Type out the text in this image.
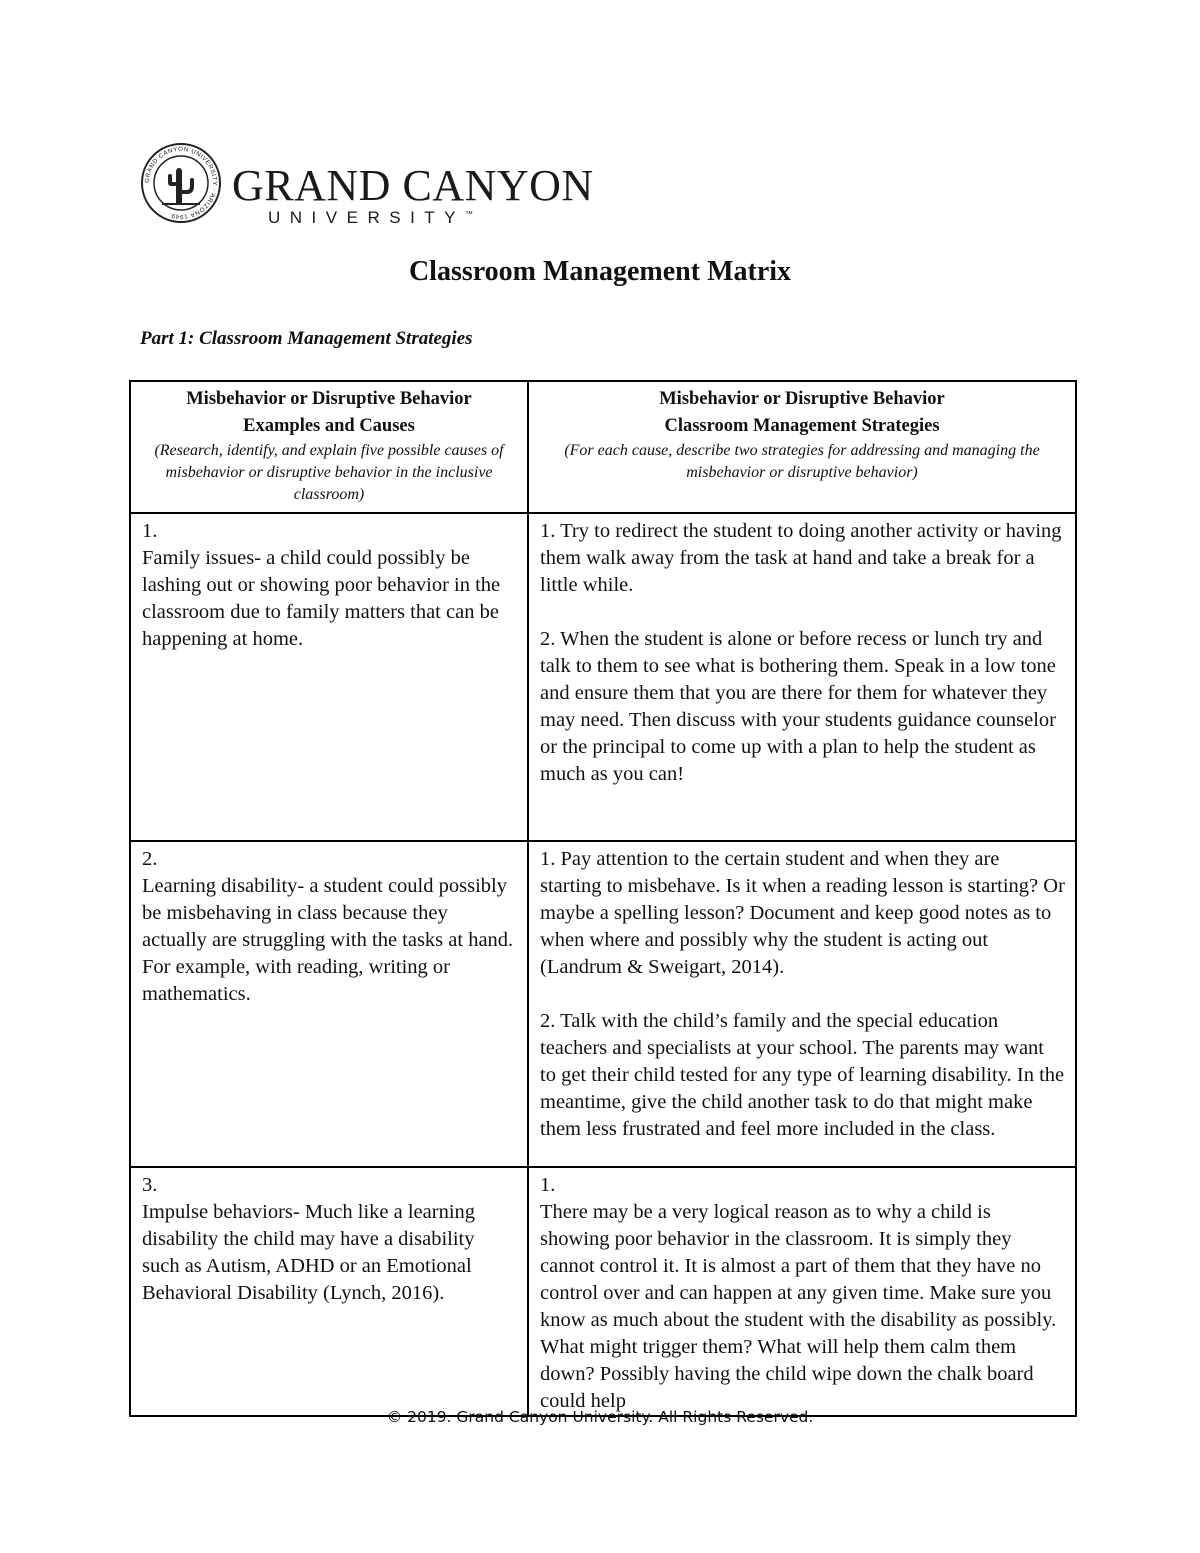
GRAND CANYON UNIVERSITY · ARIZONA 1949
GRAND CANYON
UNIVERSITY™
Classroom Management Matrix
Part 1: Classroom Management Strategies
Misbehavior or Disruptive Behavior
Examples and Causes
(Research, identify, and explain five possible causes of misbehavior or disruptive behavior in the inclusive classroom)	Misbehavior or Disruptive Behavior
Classroom Management Strategies
(For each cause, describe two strategies for addressing and managing the misbehavior or disruptive behavior)

1.
Family issues- a child could possibly be lashing out or showing poor behavior in the classroom due to family matters that can be happening at home.	1. Try to redirect the student to doing another activity or having them walk away from the task at hand and take a break for a little while.
2. When the student is alone or before recess or lunch try and talk to them to see what is bothering them. Speak in a low tone and ensure them that you are there for them for whatever they may need. Then discuss with your students guidance counselor or the principal to come up with a plan to help the student as much as you can!

2.
Learning disability- a student could possibly be misbehaving in class because they actually are struggling with the tasks at hand. For example, with reading, writing or mathematics.	1. Pay attention to the certain student and when they are starting to misbehave. Is it when a reading lesson is starting? Or maybe a spelling lesson? Document and keep good notes as to when where and possibly why the student is acting out (Landrum & Sweigart, 2014).
2. Talk with the child’s family and the special education teachers and specialists at your school. The parents may want to get their child tested for any type of learning disability. In the meantime, give the child another task to do that might make them less frustrated and feel more included in the class.

3.
Impulse behaviors- Much like a learning disability the child may have a disability such as Autism, ADHD or an Emotional Behavioral Disability (Lynch, 2016).	1.
There may be a very logical reason as to why a child is showing poor behavior in the classroom. It is simply they cannot control it. It is almost a part of them that they have no control over and can happen at any given time. Make sure you know as much about the student with the disability as possibly. What might trigger them? What will help them calm them down? Possibly having the child wipe down the chalk board could help
© 2019. Grand Canyon University. All Rights Reserved.
